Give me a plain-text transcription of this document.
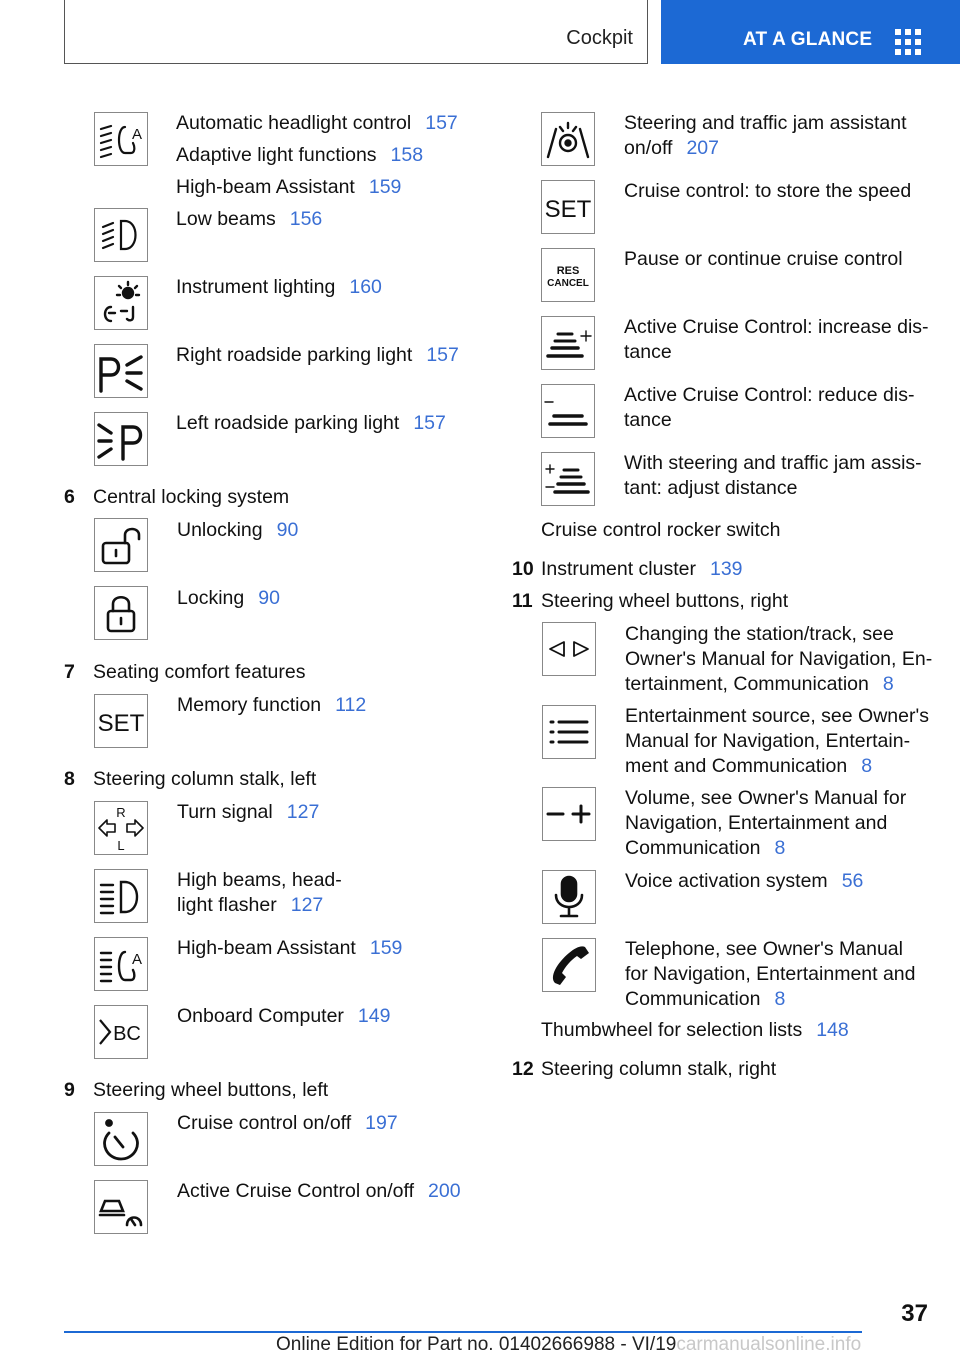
Cockpit	AT A GLANCE
A
Automatic headlight control 157
Adaptive light functions 158
High-beam Assistant 159
Low beams 156
Instrument lighting 160
Right roadside parking light 157
Left roadside parking light 157
6 Central locking system
Unlocking 90
Locking 90
7 Seating comfort features
SET
Memory function 112
8 Steering column stalk, left
R
L
Turn signal 127
High beams, head-
light flasher 127
A
High-beam Assistant 159
BC
Onboard Computer 149
9 Steering wheel buttons, left
Cruise control on/off 197
Active Cruise Control on/off 200
Steering and traffic jam assistant
on/off 207
SET
Cruise control: to store the speed
RES
CANCEL
Pause or continue cruise control
Active Cruise Control: increase dis-
tance
Active Cruise Control: reduce dis-
tance
With steering and traffic jam assis-
tant: adjust distance
Cruise control rocker switch
10 Instrument cluster 139
11 Steering wheel buttons, right
Changing the station/track, see
Owner's Manual for Navigation, En-
tertainment, Communication 8
Entertainment source, see Owner's
Manual for Navigation, Entertain-
ment and Communication 8
Volume, see Owner's Manual for
Navigation, Entertainment and
Communication 8
Voice activation system 56
Telephone, see Owner's Manual
for Navigation, Entertainment and
Communication 8
Thumbwheel for selection lists 148
12 Steering column stalk, right
37
Online Edition for Part no. 01402666988 - VI/19carmanualsonline.info
